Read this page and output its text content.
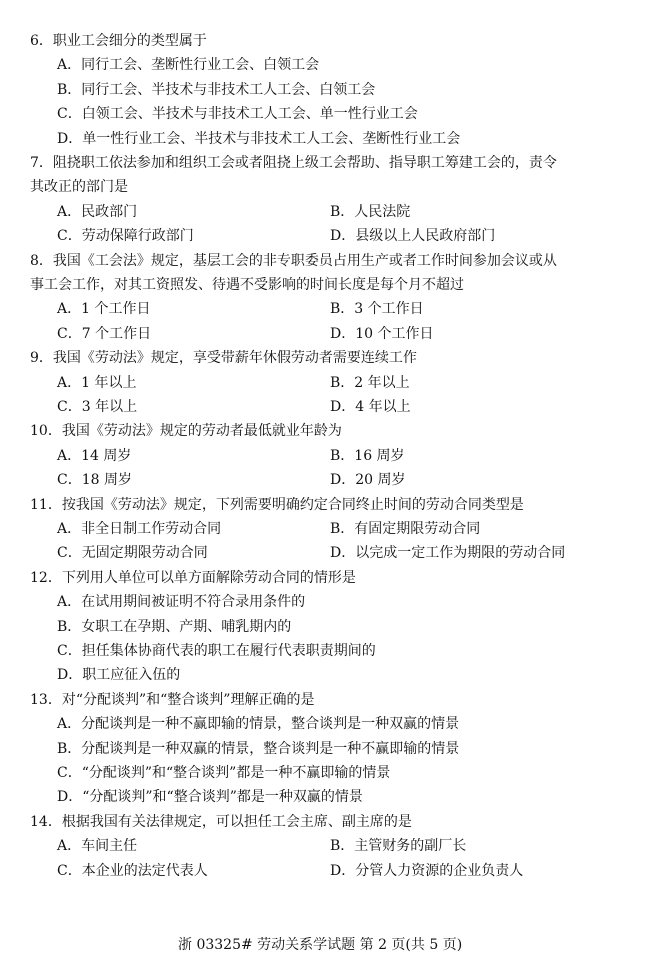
6．职业工会细分的类型属于
A．同行工会、垄断性行业工会、白领工会
B．同行工会、半技术与非技术工人工会、白领工会
C．白领工会、半技术与非技术工人工会、单一性行业工会
D．单一性行业工会、半技术与非技术工人工会、垄断性行业工会
7．阻挠职工依法参加和组织工会或者阻挠上级工会帮助、指导职工筹建工会的，责令
其改正的部门是
A．民政部门	B．人民法院
C．劳动保障行政部门	D．县级以上人民政府部门
8．我国《工会法》规定，基层工会的非专职委员占用生产或者工作时间参加会议或从
事工会工作，对其工资照发、待遇不受影响的时间长度是每个月不超过
A．1 个工作日	B．3 个工作日
C．7 个工作日	D．10 个工作日
9．我国《劳动法》规定，享受带薪年休假劳动者需要连续工作
A．1 年以上	B．2 年以上
C．3 年以上	D．4 年以上
10．我国《劳动法》规定的劳动者最低就业年龄为
A．14 周岁	B．16 周岁
C．18 周岁	D．20 周岁
11．按我国《劳动法》规定，下列需要明确约定合同终止时间的劳动合同类型是
A．非全日制工作劳动合同	B．有固定期限劳动合同
C．无固定期限劳动合同	D．以完成一定工作为期限的劳动合同
12．下列用人单位可以单方面解除劳动合同的情形是
A．在试用期间被证明不符合录用条件的
B．女职工在孕期、产期、哺乳期内的
C．担任集体协商代表的职工在履行代表职责期间的
D．职工应征入伍的
13．对“分配谈判”和“整合谈判”理解正确的是
A．分配谈判是一种不赢即输的情景，整合谈判是一种双赢的情景
B．分配谈判是一种双赢的情景，整合谈判是一种不赢即输的情景
C．“分配谈判”和“整合谈判”都是一种不赢即输的情景
D．“分配谈判”和“整合谈判”都是一种双赢的情景
14．根据我国有关法律规定，可以担任工会主席、副主席的是
A．车间主任	B．主管财务的副厂长
C．本企业的法定代表人	D．分管人力资源的企业负责人
浙 03325# 劳动关系学试题 第 2 页(共 5 页)
